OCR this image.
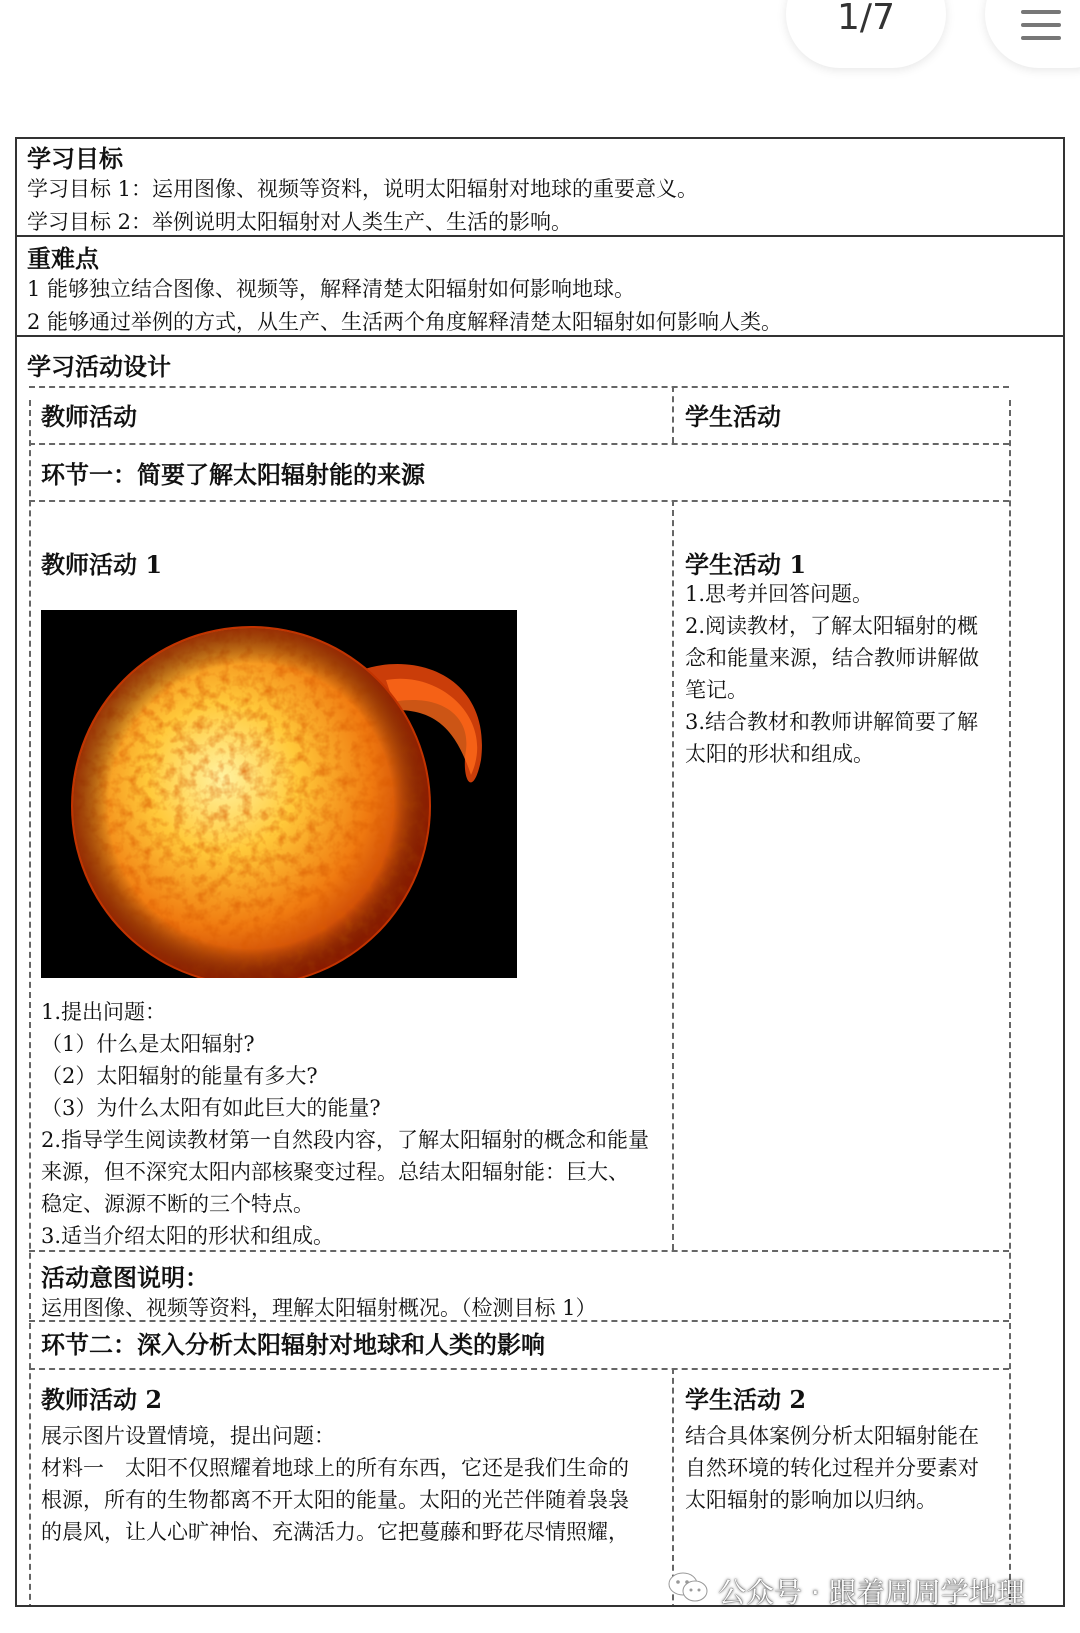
1/7
学习目标
学习目标 1：运用图像、视频等资料，说明太阳辐射对地球的重要意义。
学习目标 2：举例说明太阳辐射对人类生产、生活的影响。
重难点
1 能够独立结合图像、视频等，解释清楚太阳辐射如何影响地球。
2 能够通过举例的方式，从生产、生活两个角度解释清楚太阳辐射如何影响人类。
学习活动设计
教师活动	学生活动
环节一：简要了解太阳辐射能的来源
教师活动 1
1.提出问题：
（1）什么是太阳辐射?
（2）太阳辐射的能量有多大?
（3）为什么太阳有如此巨大的能量?
2.指导学生阅读教材第一自然段内容，了解太阳辐射的概念和能量
来源，但不深究太阳内部核聚变过程。总结太阳辐射能：巨大、
稳定、源源不断的三个特点。
3.适当介绍太阳的形状和组成。
学生活动 1
1.思考并回答问题。
2.阅读教材，了解太阳辐射的概
念和能量来源，结合教师讲解做
笔记。
3.结合教材和教师讲解简要了解
太阳的形状和组成。
活动意图说明：
运用图像、视频等资料，理解太阳辐射概况。（检测目标 1）
环节二：深入分析太阳辐射对地球和人类的影响
教师活动 2
展示图片设置情境，提出问题：
材料一　太阳不仅照耀着地球上的所有东西，它还是我们生命的
根源，所有的生物都离不开太阳的能量。太阳的光芒伴随着袅袅
的晨风，让人心旷神怡、充满活力。它把蔓藤和野花尽情照耀，
学生活动 2
结合具体案例分析太阳辐射能在
自然环境的转化过程并分要素对
太阳辐射的影响加以归纳。
公众号 · 跟着周周学地理
